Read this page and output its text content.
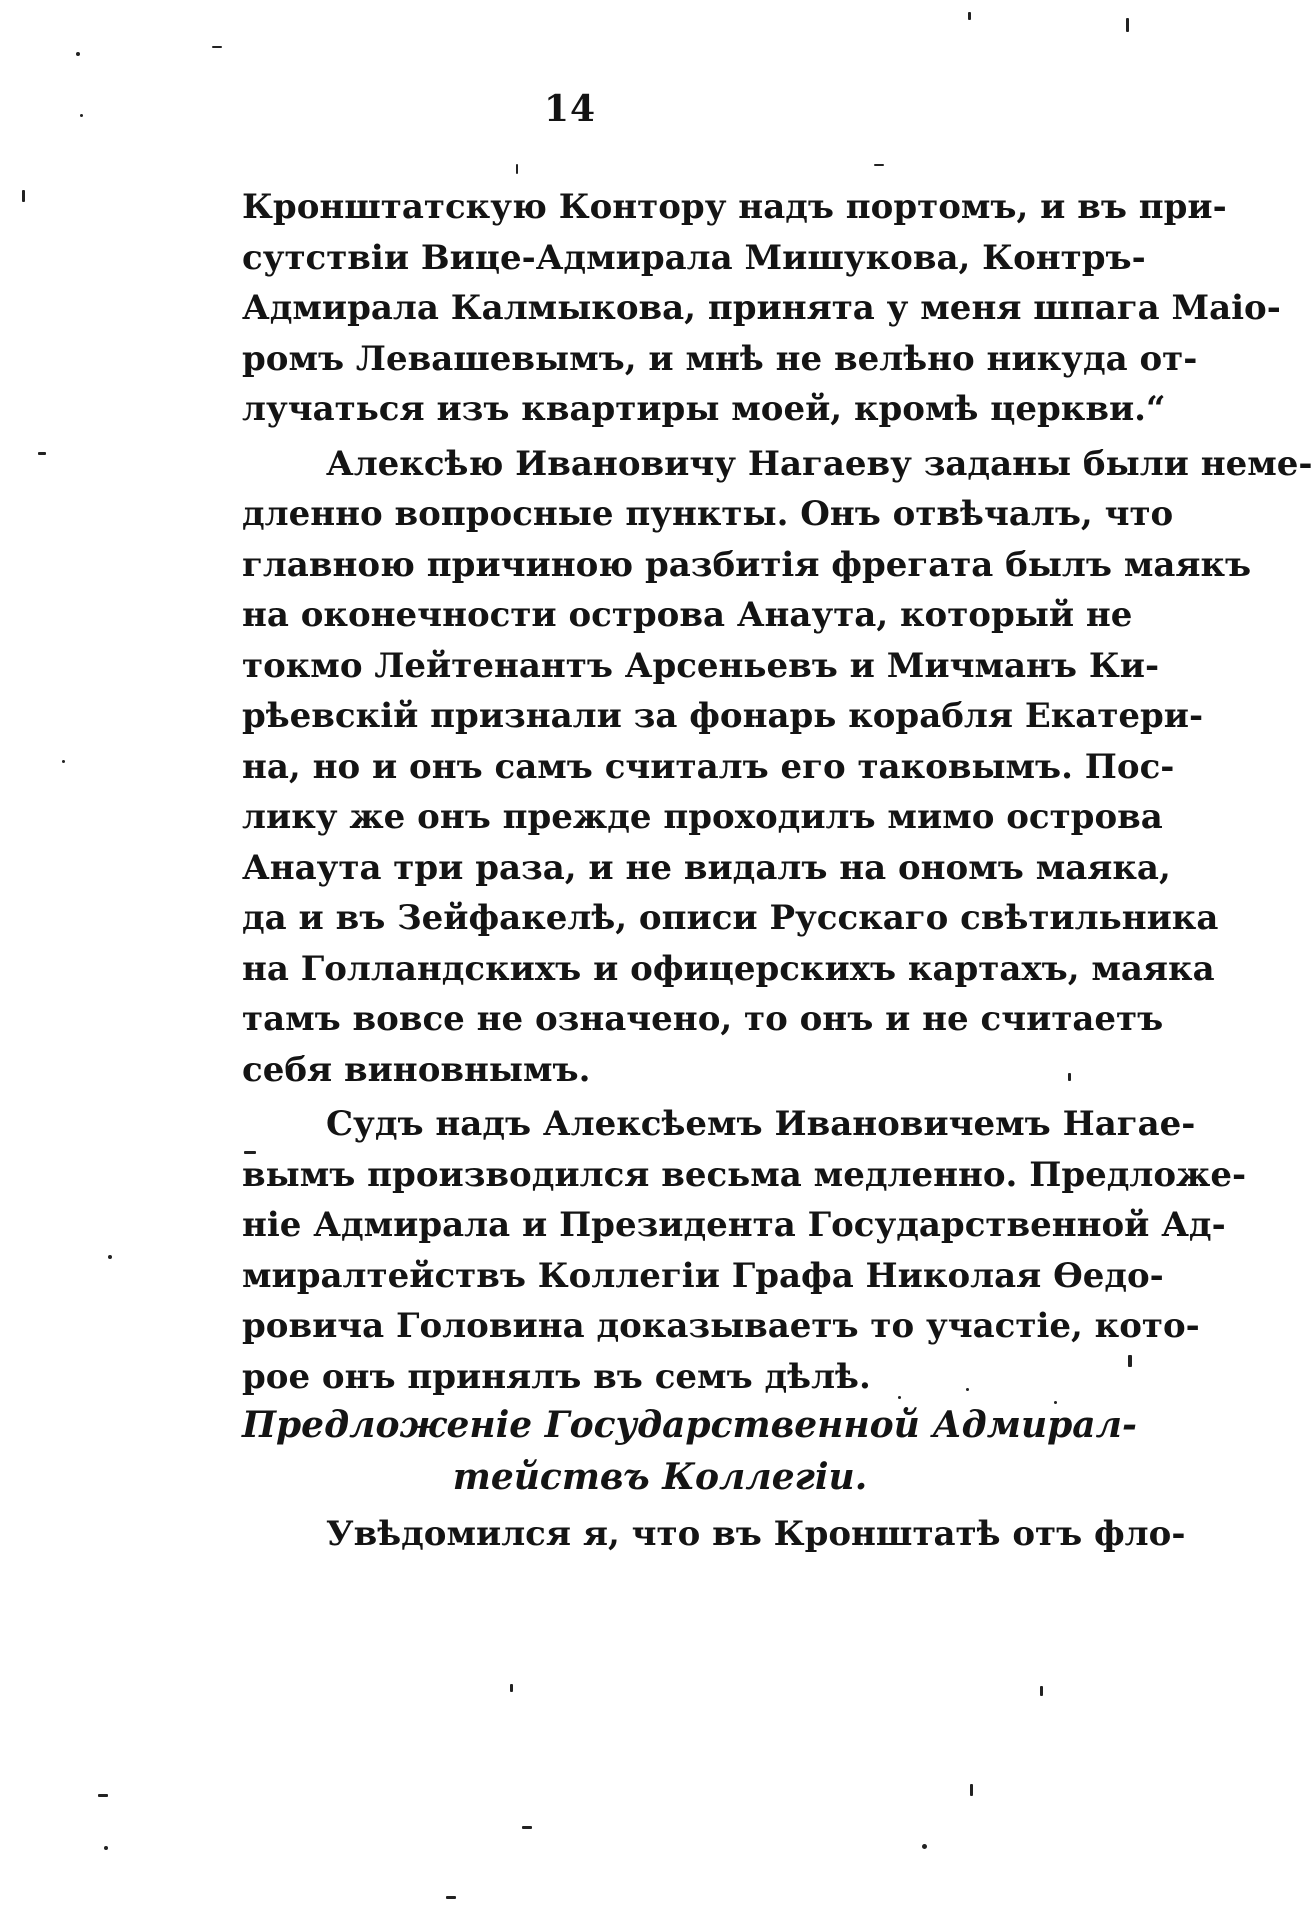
14
Кронштатскую Контору надъ портомъ, и въ при-
сутствіи Вице-Адмирала Мишукова, Контръ-
Адмирала Калмыкова, принята у меня шпага Маіо-
ромъ Левашевымъ, и мнѣ не велѣно никуда от-
лучаться изъ квартиры моей, кромѣ церкви.“
Алексѣю Ивановичу Нагаеву заданы были неме-
дленно вопросные пункты. Онъ отвѣчалъ, что
главною причиною разбитія фрегата былъ маякъ
на оконечности острова Анаута, который не
токмо Лейтенантъ Арсеньевъ и Мичманъ Ки-
рѣевскій признали за фонарь корабля Екатери-
на, но и онъ самъ считалъ его таковымъ. Пос-
лику же онъ прежде проходилъ мимо острова
Анаута три раза, и не видалъ на ономъ маяка,
да и въ Зейфакелѣ, описи Русскаго свѣтильника
на Голландскихъ и офицерскихъ картахъ, маяка
тамъ вовсе не означено, то онъ и не считаетъ
себя виновнымъ.
Судъ надъ Алексѣемъ Ивановичемъ Нагае-
вымъ производился весьма медленно. Предложе-
ніе Адмирала и Президента Государственной Ад-
миралтействъ Коллегіи Графа Николая Ѳедо-
ровича Головина доказываетъ то участіе, кото-
рое онъ принялъ въ семъ дѣлѣ.
Предложеніе Государственной Адмирал-
тействъ Коллегіи.
Увѣдомился я, что въ Кронштатѣ отъ фло-
